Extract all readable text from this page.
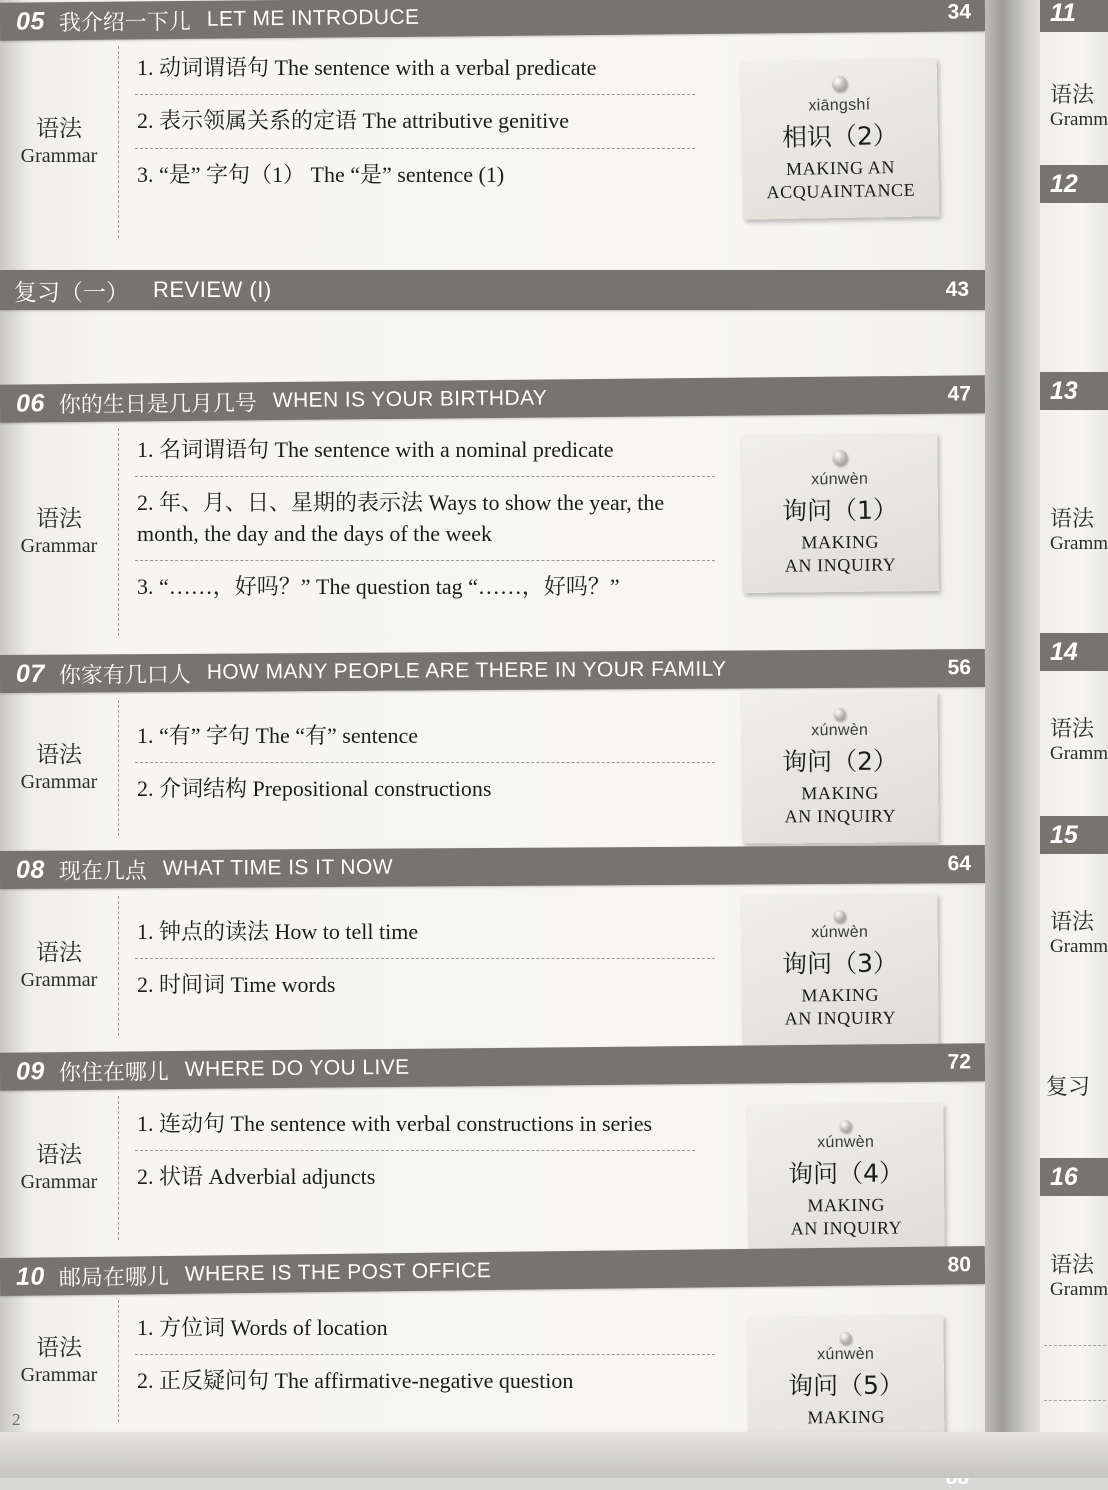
05 我介绍一下儿 LET ME INTRODUCE	34
语法
Grammar
1. 动词谓语句 The sentence with a verbal predicate
2. 表示领属关系的定语 The attributive genitive
3. “是” 字句（1） The “是” sentence (1)
xiāngshí
相识（2）
MAKING AN
ACQUAINTANCE
复习（一）	REVIEW (I)	43
06 你的生日是几月几号 WHEN IS YOUR BIRTHDAY	47
语法
Grammar
1. 名词谓语句 The sentence with a nominal predicate
2. 年、月、日、星期的表示法 Ways to show the year, the month, the day and the days of the week
3. “……，好吗？” The question tag “……，好吗？”
xúnwèn
询问（1）
MAKING
AN INQUIRY
07 你家有几口人 HOW MANY PEOPLE ARE THERE IN YOUR FAMILY	56
语法
Grammar
1. “有” 字句 The “有” sentence
2. 介词结构 Prepositional constructions
xúnwèn
询问（2）
MAKING
AN INQUIRY
08 现在几点 WHAT TIME IS IT NOW	64
语法
Grammar
1. 钟点的读法 How to tell time
2. 时间词 Time words
xúnwèn
询问（3）
MAKING
AN INQUIRY
09 你住在哪儿 WHERE DO YOU LIVE	72
语法
Grammar
1. 连动句 The sentence with verbal constructions in series
2. 状语 Adverbial adjuncts
xúnwèn
询问（4）
MAKING
AN INQUIRY
10 邮局在哪儿 WHERE IS THE POST OFFICE	80
语法
Grammar
1. 方位词 Words of location
2. 正反疑问句 The affirmative-negative question
xúnwèn
询问（5）
MAKING
2
11
语法
Gramm
12
13
语法
Gramm
14
语法
Gramm
15
语法
Gramm
复习
16
语法
Gramm
